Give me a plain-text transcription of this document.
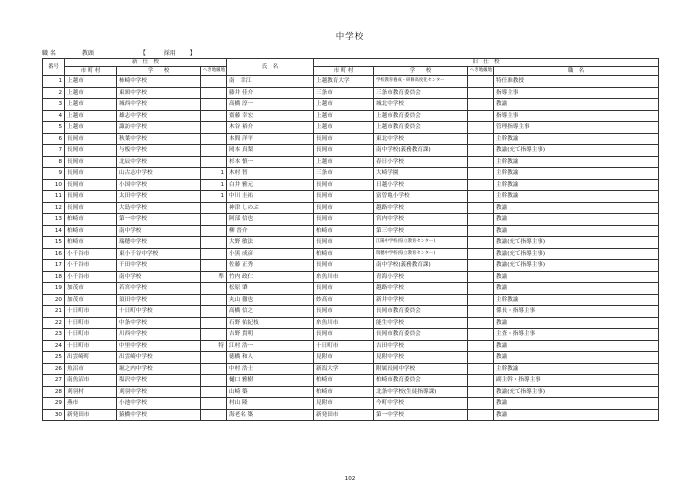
中学校
職 名	教頭	【	採用 】
番号	新　任　校			氏　名	旧　任　校			
	市 町 村	学　　校	へき地級地		市 町 村	学　　校	へき地級地	職　名
1	上越市	柿崎中学校		南　幸江	上越教育大学	学校教育養成・研修高度化センター		特任准教授
2	上越市	東頸中学校		藤井 佳介	三条市	三条市教育委員会		指導主事
3	上越市	城西中学校		高橋 淳一	上越市	城北中学校		教諭
4	上越市	雄志中学校		齋藤 幸宏	上越市	上越市教育委員会		指導主事
5	上越市	諏訪中学校		木谷 裕介	上越市	上越市教育委員会		管理指導主事
6	長岡市	秋葉中学校		本間 洋平	長岡市	東北中学校		主幹教諭
7	長岡市	与板中学校		岡本 真梨	長岡市	南中学校(義務教育課)		教諭(充て指導主事)
8	長岡市	北辰中学校		杉本 慎一	上越市	春日小学校		主幹教諭
9	長岡市	山古志中学校	1	木村 智	三条市	大崎学園		主幹教諭
10	長岡市	小国中学校	1	白井 雅元	長岡市	日越小学校		主幹教諭
11	長岡市	太田中学校	1	中川 圭祐	長岡市	富曽亀小学校		主幹教諭
12	長岡市	大島中学校		神津 しのぶ	長岡市	越路中学校		教諭
13	柏崎市	第一中学校		阿部 信也	長岡市	宮内中学校		教諭
14	柏崎市	南中学校		柳 晋介	柏崎市	第三中学校		教諭
15	柏崎市	瑞穂中学校		大野 敏法	長岡市	江陽中学校(県立教育センター)		教諭(充て指導主事)
16	小千谷市	東小千谷中学校		小黒 成彦	柏崎市	瑞穂中学校(県立教育センター)		教諭(充て指導主事)
17	小千谷市	千田中学校		佐藤 正秀	長岡市	南中学校(義務教育課)		教諭(充て指導主事)
18	小千谷市	南中学校	準	竹内 政仁	糸魚川市	青海小学校		教諭
19	加茂市	若宮中学校		松原 肇	長岡市	越路中学校		教諭
20	加茂市	須田中学校		丸山 徹也	妙高市	新井中学校		主幹教諭
21	十日町市	十日町中学校		高橋 信之	長岡市	長岡市教育委員会		係長・指導主事
22	十日町市	中条中学校		石野 佑紀枝	糸魚川市	能生中学校		教諭
23	十日町市	川西中学校		吉野 貴明	長岡市	長岡市教育委員会		主査・指導主事
24	十日町市	中里中学校	特	江村 浩一	十日町市	吉田中学校		教諭
25	出雲崎町	出雲崎中学校		徳橋 和人	見附市	見附中学校		教諭
26	魚沼市	堀之内中学校		中村 浩士	新潟大学	附属長岡中学校		主幹教諭
27	南魚沼市	塩沢中学校		樋口 雅樹	柏崎市	柏崎市教育委員会		副主幹・指導主事
28	刈羽村	刈羽中学校		山崎 築	柏崎市	北条中学校(生徒指導課)		教諭(充て指導主事)
29	燕市	小池中学校		村山 隆	見附市	今町中学校		教諭
30	新発田市	猿橋中学校		海老名 築	新発田市	第一中学校		教諭
102
